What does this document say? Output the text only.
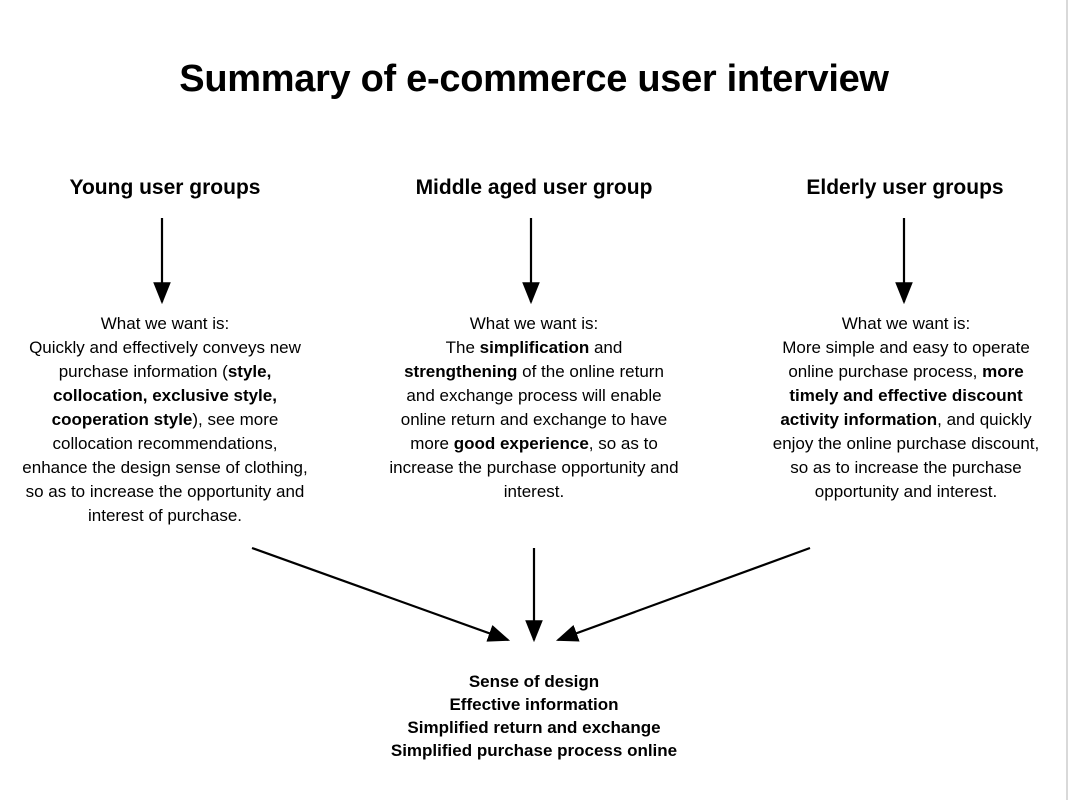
Summary of e-commerce user interview
Young user groups	Middle aged user group	Elderly user groups
What we want is:
Quickly and effectively conveys new purchase information (style, collocation, exclusive style, cooperation style), see more collocation recommendations, enhance the design sense of clothing, so as to increase the opportunity and interest of purchase.
What we want is:
The simplification and strengthening of the online return and exchange process will enable online return and exchange to have more good experience, so as to increase the purchase opportunity and interest.
What we want is:
More simple and easy to operate online purchase process, more timely and effective discount activity information, and quickly enjoy the online purchase discount, so as to increase the purchase opportunity and interest.
Sense of design
Effective information
Simplified return and exchange
Simplified purchase process online
